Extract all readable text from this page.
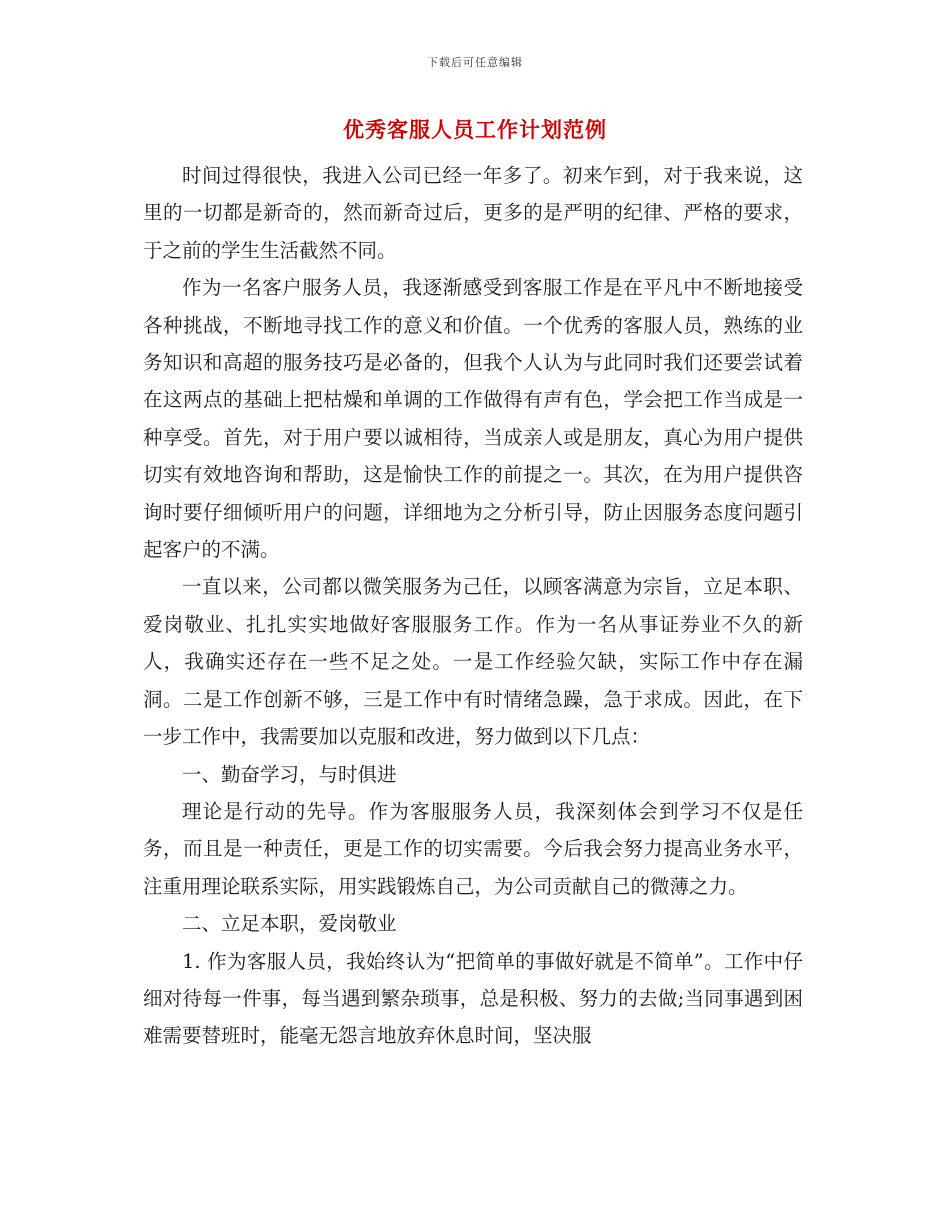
下载后可任意编辑
优秀客服人员工作计划范例

时间过得很快，我进入公司已经一年多了。初来乍到，对于我来说，这里的一切都是新奇的，然而新奇过后，更多的是严明的纪律、严格的要求，于之前的学生生活截然不同。

作为一名客户服务人员，我逐渐感受到客服工作是在平凡中不断地接受各种挑战，不断地寻找工作的意义和价值。一个优秀的客服人员，熟练的业务知识和高超的服务技巧是必备的，但我个人认为与此同时我们还要尝试着在这两点的基础上把枯燥和单调的工作做得有声有色，学会把工作当成是一种享受。首先，对于用户要以诚相待，当成亲人或是朋友，真心为用户提供切实有效地咨询和帮助，这是愉快工作的前提之一。其次，在为用户提供咨询时要仔细倾听用户的问题，详细地为之分析引导，防止因服务态度问题引起客户的不满。

一直以来，公司都以微笑服务为己任，以顾客满意为宗旨，立足本职、爱岗敬业、扎扎实实地做好客服服务工作。作为一名从事证券业不久的新人，我确实还存在一些不足之处。一是工作经验欠缺，实际工作中存在漏洞。二是工作创新不够，三是工作中有时情绪急躁，急于求成。因此，在下一步工作中，我需要加以克服和改进，努力做到以下几点：

一、勤奋学习，与时俱进

理论是行动的先导。作为客服服务人员，我深刻体会到学习不仅是任务，而且是一种责任，更是工作的切实需要。今后我会努力提高业务水平，注重用理论联系实际，用实践锻炼自己，为公司贡献自己的微薄之力。

二、立足本职，爱岗敬业

1. 作为客服人员，我始终认为“把简单的事做好就是不简单”。工作中仔细对待每一件事，每当遇到繁杂琐事，总是积极、努力的去做;当同事遇到困难需要替班时，能毫无怨言地放弃休息时间，坚决服
